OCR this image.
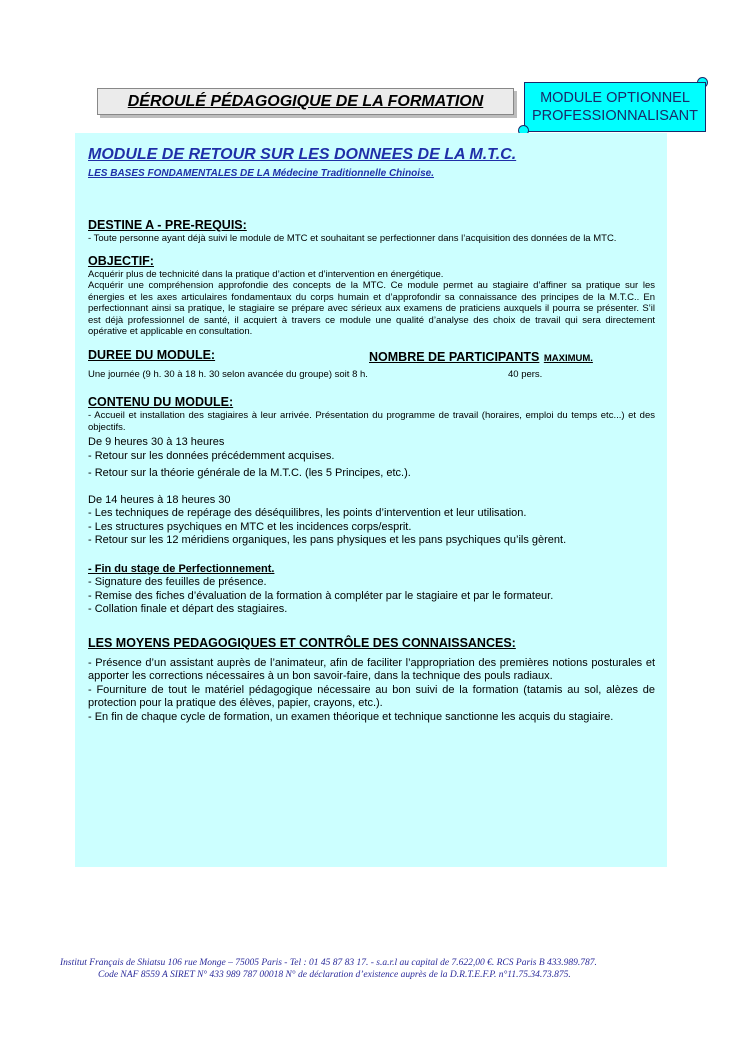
DÉROULÉ PÉDAGOGIQUE DE LA FORMATION	MODULE OPTIONNEL
PROFESSIONNALISANT
MODULE DE RETOUR SUR LES DONNEES DE LA M.T.C.
LES BASES FONDAMENTALES DE LA Médecine Traditionnelle Chinoise.
DESTINE A - PRE-REQUIS:
- Toute personne ayant déjà suivi le module de MTC et souhaitant se perfectionner dans l’acquisition des données de la MTC.
OBJECTIF:
Acquérir plus de technicité dans la pratique d’action et d’intervention en énergétique.
Acquérir une compréhension approfondie des concepts de la MTC. Ce module permet au stagiaire d’affiner sa pratique sur les énergies et les axes articulaires fondamentaux du corps humain et d’approfondir sa connaissance des principes de la M.T.C.. En perfectionnant ainsi sa pratique, le stagiaire se prépare avec sérieux aux examens de praticiens auxquels il pourra se présenter. S’il est déjà professionnel de santé, il acquiert à travers ce module une qualité d’analyse des choix de travail qui sera directement opérative et applicable en consultation.
DUREE DU MODULE:	NOMBRE DE PARTICIPANTS MAXIMUM.
Une journée (9 h. 30 à 18 h. 30 selon avancée du groupe) soit 8 h.	40 pers.
CONTENU DU MODULE:
- Accueil et installation des stagiaires à leur arrivée. Présentation du programme de travail (horaires, emploi du temps etc...) et des objectifs.
De 9 heures 30 à 13 heures
- Retour sur les données précédemment acquises.
- Retour sur la théorie générale de la M.T.C. (les 5 Principes, etc.).
De 14 heures à 18 heures 30
- Les techniques de repérage des déséquilibres, les points d’intervention et leur utilisation.
- Les structures psychiques en MTC et les incidences corps/esprit.
- Retour sur les 12 méridiens organiques, les pans physiques et les pans psychiques qu’ils gèrent.
- Fin du stage de Perfectionnement.
- Signature des feuilles de présence.
- Remise des fiches d’évaluation de la formation à compléter par le stagiaire et par le formateur.
- Collation finale et départ des stagiaires.
LES MOYENS PEDAGOGIQUES ET CONTRÔLE DES CONNAISSANCES:
- Présence d’un assistant auprès de l’animateur, afin de faciliter l’appropriation des premières notions posturales et apporter les corrections nécessaires à un bon savoir-faire, dans la technique des pouls radiaux.
- Fourniture de tout le matériel pédagogique nécessaire au bon suivi de la formation (tatamis au sol, alèzes de protection pour la pratique des élèves, papier, crayons, etc.).
- En fin de chaque cycle de formation, un examen théorique et technique sanctionne les acquis du stagiaire.
Institut Français de Shiatsu 106 rue Monge – 75005 Paris - Tel : 01 45 87 83 17. - s.a.r.l au capital de 7.622,00 €. RCS Paris B 433.989.787.
Code NAF 8559 A SIRET N° 433 989 787 00018 N° de déclaration d’existence auprès de la D.R.T.E.F.P. n°11.75.34.73.875.
